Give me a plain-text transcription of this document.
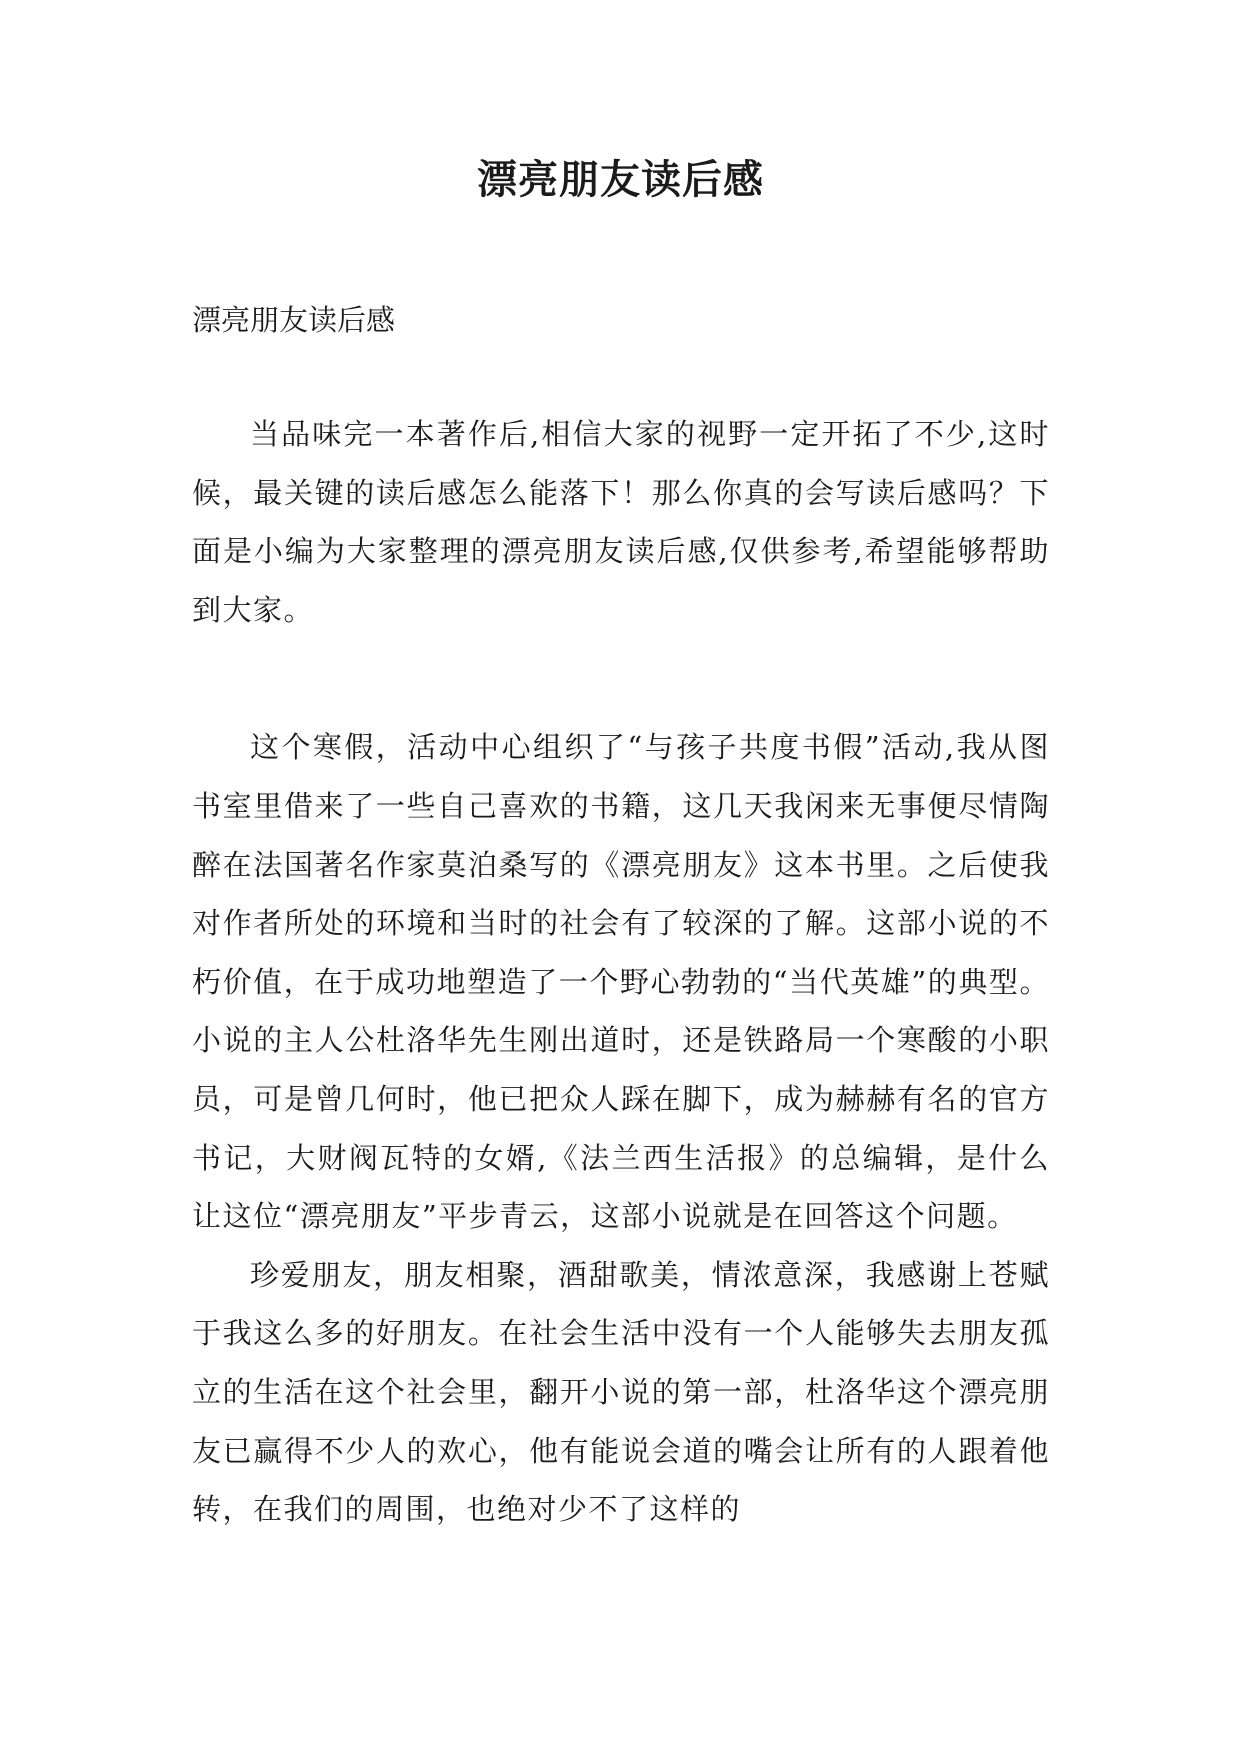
漂亮朋友读后感

漂亮朋友读后感

当品味完一本著作后,相信大家的视野一定开拓了不少,这时候，最关键的读后感怎么能落下！那么你真的会写读后感吗？下面是小编为大家整理的漂亮朋友读后感,仅供参考,希望能够帮助到大家。

这个寒假，活动中心组织了“与孩子共度书假”活动,我从图书室里借来了一些自己喜欢的书籍，这几天我闲来无事便尽情陶醉在法国著名作家莫泊桑写的《漂亮朋友》这本书里。之后使我对作者所处的环境和当时的社会有了较深的了解。这部小说的不朽价值，在于成功地塑造了一个野心勃勃的“当代英雄”的典型。小说的主人公杜洛华先生刚出道时，还是铁路局一个寒酸的小职员，可是曾几何时，他已把众人踩在脚下，成为赫赫有名的官方书记，大财阀瓦特的女婿,《法兰西生活报》的总编辑，是什么让这位“漂亮朋友”平步青云，这部小说就是在回答这个问题。

珍爱朋友，朋友相聚，酒甜歌美，情浓意深，我感谢上苍赋于我这么多的好朋友。在社会生活中没有一个人能够失去朋友孤立的生活在这个社会里，翻开小说的第一部，杜洛华这个漂亮朋友已赢得不少人的欢心，他有能说会道的嘴会让所有的人跟着他转，在我们的周围，也绝对少不了这样的
